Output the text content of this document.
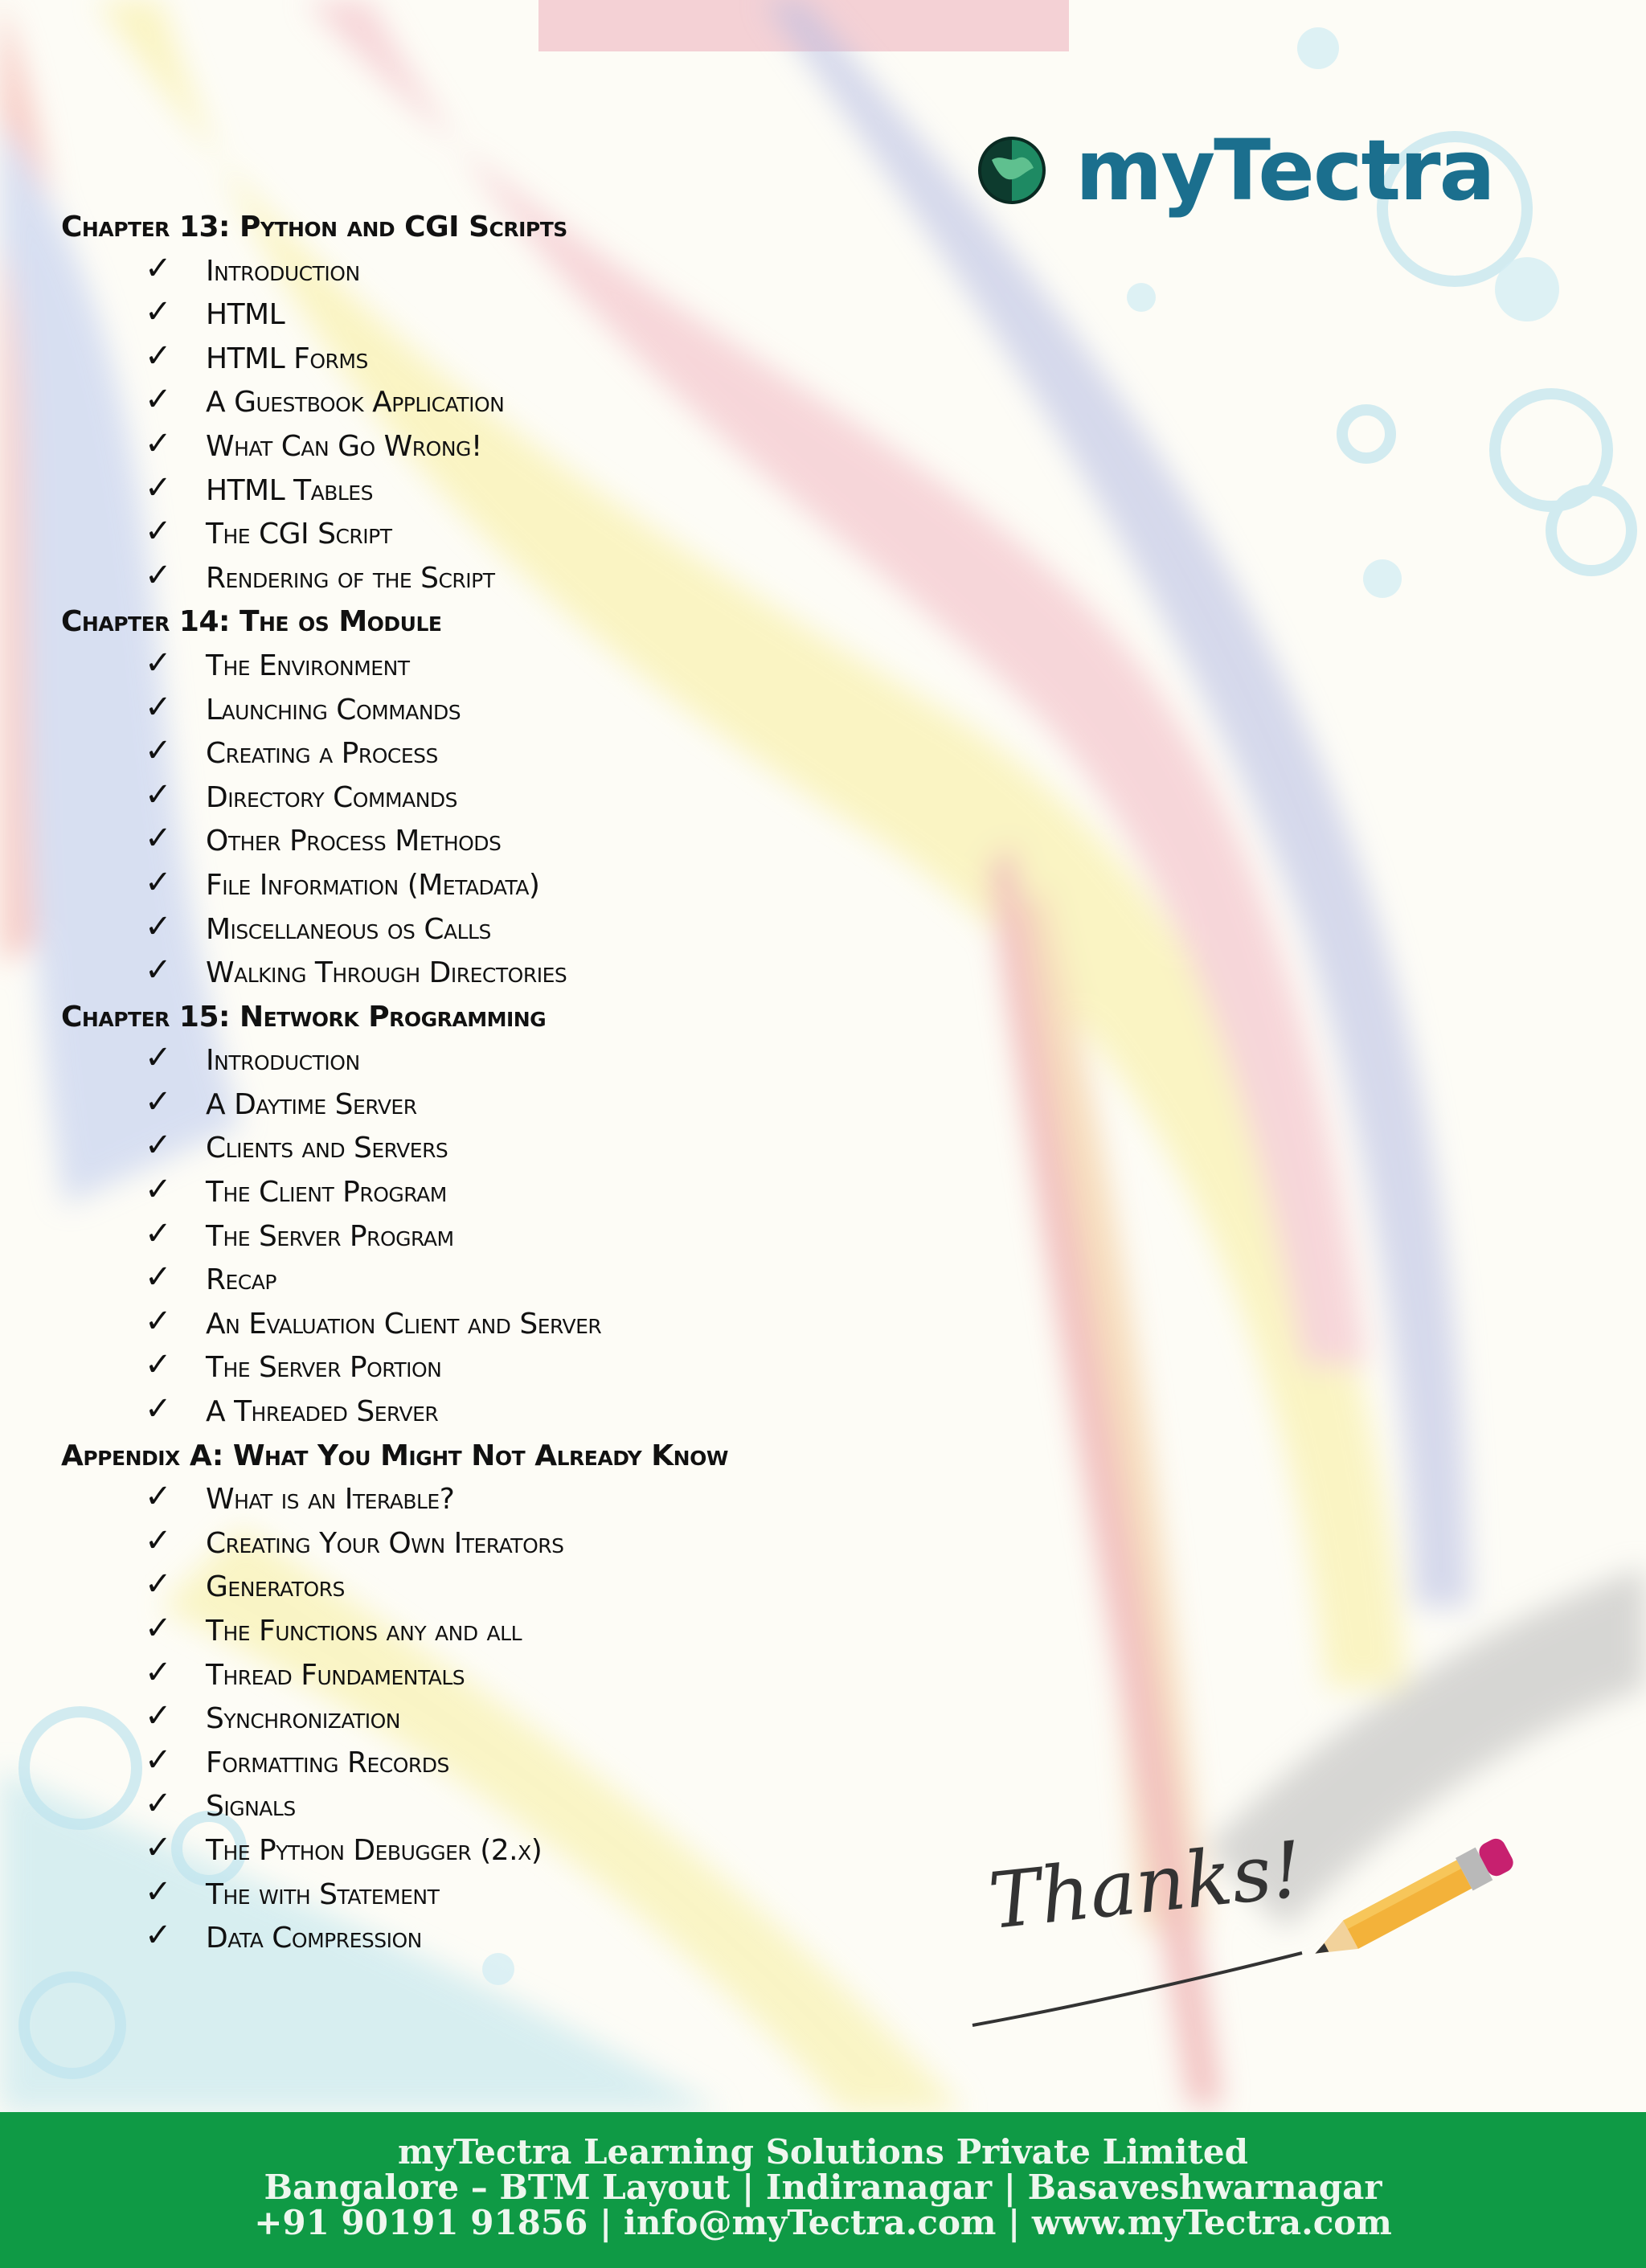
myTectra
Chapter 13: Python and CGI Scripts
✓ Introduction
✓ HTML
✓ HTML Forms
✓ A Guestbook Application
✓ What Can Go Wrong!
✓ HTML Tables
✓ The CGI Script
✓ Rendering of the Script
Chapter 14: The os Module
✓ The Environment
✓ Launching Commands
✓ Creating a Process
✓ Directory Commands
✓ Other Process Methods
✓ File Information (Metadata)
✓ Miscellaneous os Calls
✓ Walking Through Directories
Chapter 15: Network Programming
✓ Introduction
✓ A Daytime Server
✓ Clients and Servers
✓ The Client Program
✓ The Server Program
✓ Recap
✓ An Evaluation Client and Server
✓ The Server Portion
✓ A Threaded Server
Appendix A: What You Might Not Already Know
✓ What is an Iterable?
✓ Creating Your Own Iterators
✓ Generators
✓ The Functions any and all
✓ Thread Fundamentals
✓ Synchronization
✓ Formatting Records
✓ Signals
✓ The Python Debugger (2.x)
✓ The with Statement
✓ Data Compression	Thanks!
myTectra Learning Solutions Private Limited
Bangalore – BTM Layout | Indiranagar | Basaveshwarnagar
+91 90191 91856 | info@myTectra.com | www.myTectra.com
